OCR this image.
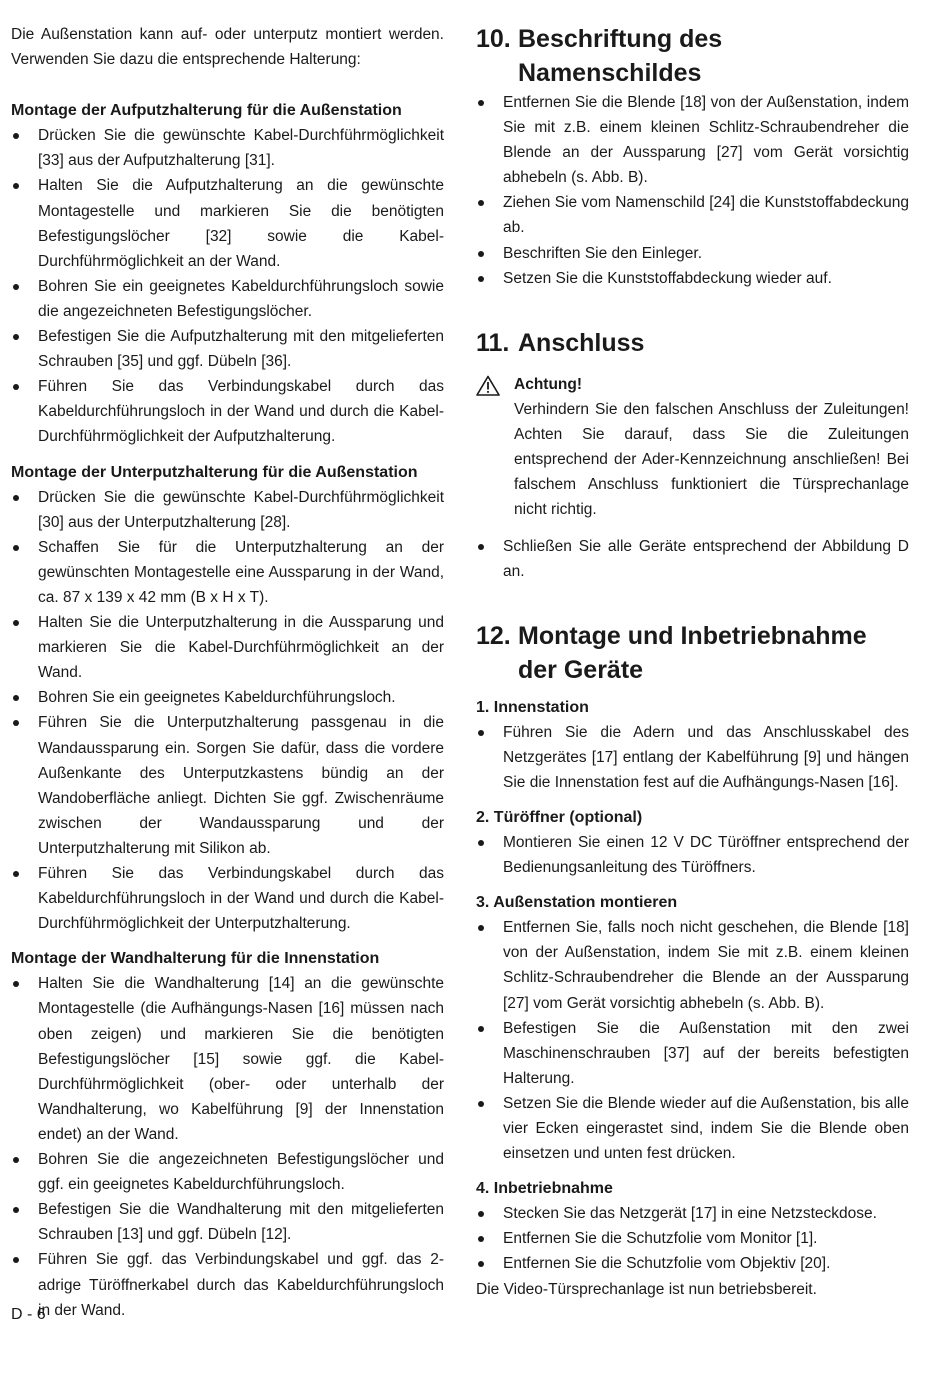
Die Außenstation kann auf- oder unterputz montiert werden. Verwenden Sie dazu die entsprechende Halterung:

Montage der Aufputzhalterung für die Außenstation
Drücken Sie die gewünschte Kabel-Durchführmöglichkeit [33] aus der Aufputzhalterung [31].
Halten Sie die Aufputzhalterung an die gewünschte Montagestelle und markieren Sie die benötigten Befestigungslöcher [32] sowie die Kabel-Durchführmöglichkeit an der Wand.
Bohren Sie ein geeignetes Kabeldurchführungsloch sowie die angezeichneten Befestigungslöcher.
Befestigen Sie die Aufputzhalterung mit den mitgelieferten Schrauben [35] und ggf. Dübeln [36].
Führen Sie das Verbindungskabel durch das Kabeldurchführungsloch in der Wand und durch die Kabel-Durchführmöglichkeit der Aufputzhalterung.
Montage der Unterputzhalterung für die Außenstation
Drücken Sie die gewünschte Kabel-Durchführmöglichkeit [30] aus der Unterputzhalterung [28].
Schaffen Sie für die Unterputzhalterung an der gewünschten Montagestelle eine Aussparung in der Wand, ca. 87 x 139 x 42 mm (B x H x T).
Halten Sie die Unterputzhalterung in die Aussparung und markieren Sie die Kabel-Durchführmöglichkeit an der Wand.
Bohren Sie ein geeignetes Kabeldurchführungsloch.
Führen Sie die Unterputzhalterung passgenau in die Wandaussparung ein. Sorgen Sie dafür, dass die vordere Außenkante des Unterputzkastens bündig an der Wandoberfläche anliegt. Dichten Sie ggf. Zwischenräume zwischen der Wandaussparung und der Unterputzhalterung mit Silikon ab.
Führen Sie das Verbindungskabel durch das Kabeldurchführungsloch in der Wand und durch die Kabel-Durchführmöglichkeit der Unterputzhalterung.
Montage der Wandhalterung für die Innenstation
Halten Sie die Wandhalterung [14] an die gewünschte Montagestelle (die Aufhängungs-Nasen [16] müssen nach oben zeigen) und markieren Sie die benötigten Befestigungslöcher [15] sowie ggf. die Kabel-Durchführmöglichkeit (ober- oder unterhalb der Wandhalterung, wo Kabelführung [9] der Innenstation endet) an der Wand.
Bohren Sie die angezeichneten Befestigungslöcher und ggf. ein geeignetes Kabeldurchführungsloch.
Befestigen Sie die Wandhalterung mit den mitgelieferten Schrauben [13] und ggf. Dübeln [12].
Führen Sie ggf. das Verbindungskabel und ggf. das 2-adrige Türöffnerkabel durch das Kabeldurchführungsloch in der Wand.
10. Beschriftung des Namenschildes
Entfernen Sie die Blende [18] von der Außenstation, indem Sie mit z.B. einem kleinen Schlitz-Schraubendreher die Blende an der Aussparung [27] vom Gerät vorsichtig abhebeln (s. Abb. B).
Ziehen Sie vom Namenschild [24] die Kunststoffabdeckung ab.
Beschriften Sie den Einleger.
Setzen Sie die Kunststoffabdeckung wieder auf.
11. Anschluss
Achtung!

Verhindern Sie den falschen Anschluss der Zuleitungen! Achten Sie darauf, dass Sie die Zuleitungen entsprechend der Ader-Kennzeichnung anschließen! Bei falschem Anschluss funktioniert die Türsprechanlage nicht richtig.

Schließen Sie alle Geräte entsprechend der Abbildung D an.
12. Montage und Inbetriebnahme der Geräte
1. Innenstation
Führen Sie die Adern und das Anschlusskabel des Netzgerätes [17] entlang der Kabelführung [9] und hängen Sie die Innenstation fest auf die Aufhängungs-Nasen [16].
2. Türöffner (optional)
Montieren Sie einen 12 V DC Türöffner entsprechend der Bedienungsanleitung des Türöffners.
3. Außenstation montieren
Entfernen Sie, falls noch nicht geschehen, die Blende [18] von der Außenstation, indem Sie mit z.B. einem kleinen Schlitz-Schraubendreher die Blende an der Aussparung [27] vom Gerät vorsichtig abhebeln (s. Abb. B).
Befestigen Sie die Außenstation mit den zwei Maschinenschrauben [37] auf der bereits befestigten Halterung.
Setzen Sie die Blende wieder auf die Außenstation, bis alle vier Ecken eingerastet sind, indem Sie die Blende oben einsetzen und unten fest drücken.
4. Inbetriebnahme
Stecken Sie das Netzgerät [17] in eine Netzsteckdose.
Entfernen Sie die Schutzfolie vom Monitor [1].
Entfernen Sie die Schutzfolie vom Objektiv [20].

Die Video-Türsprechanlage ist nun betriebsbereit.

D - 6
